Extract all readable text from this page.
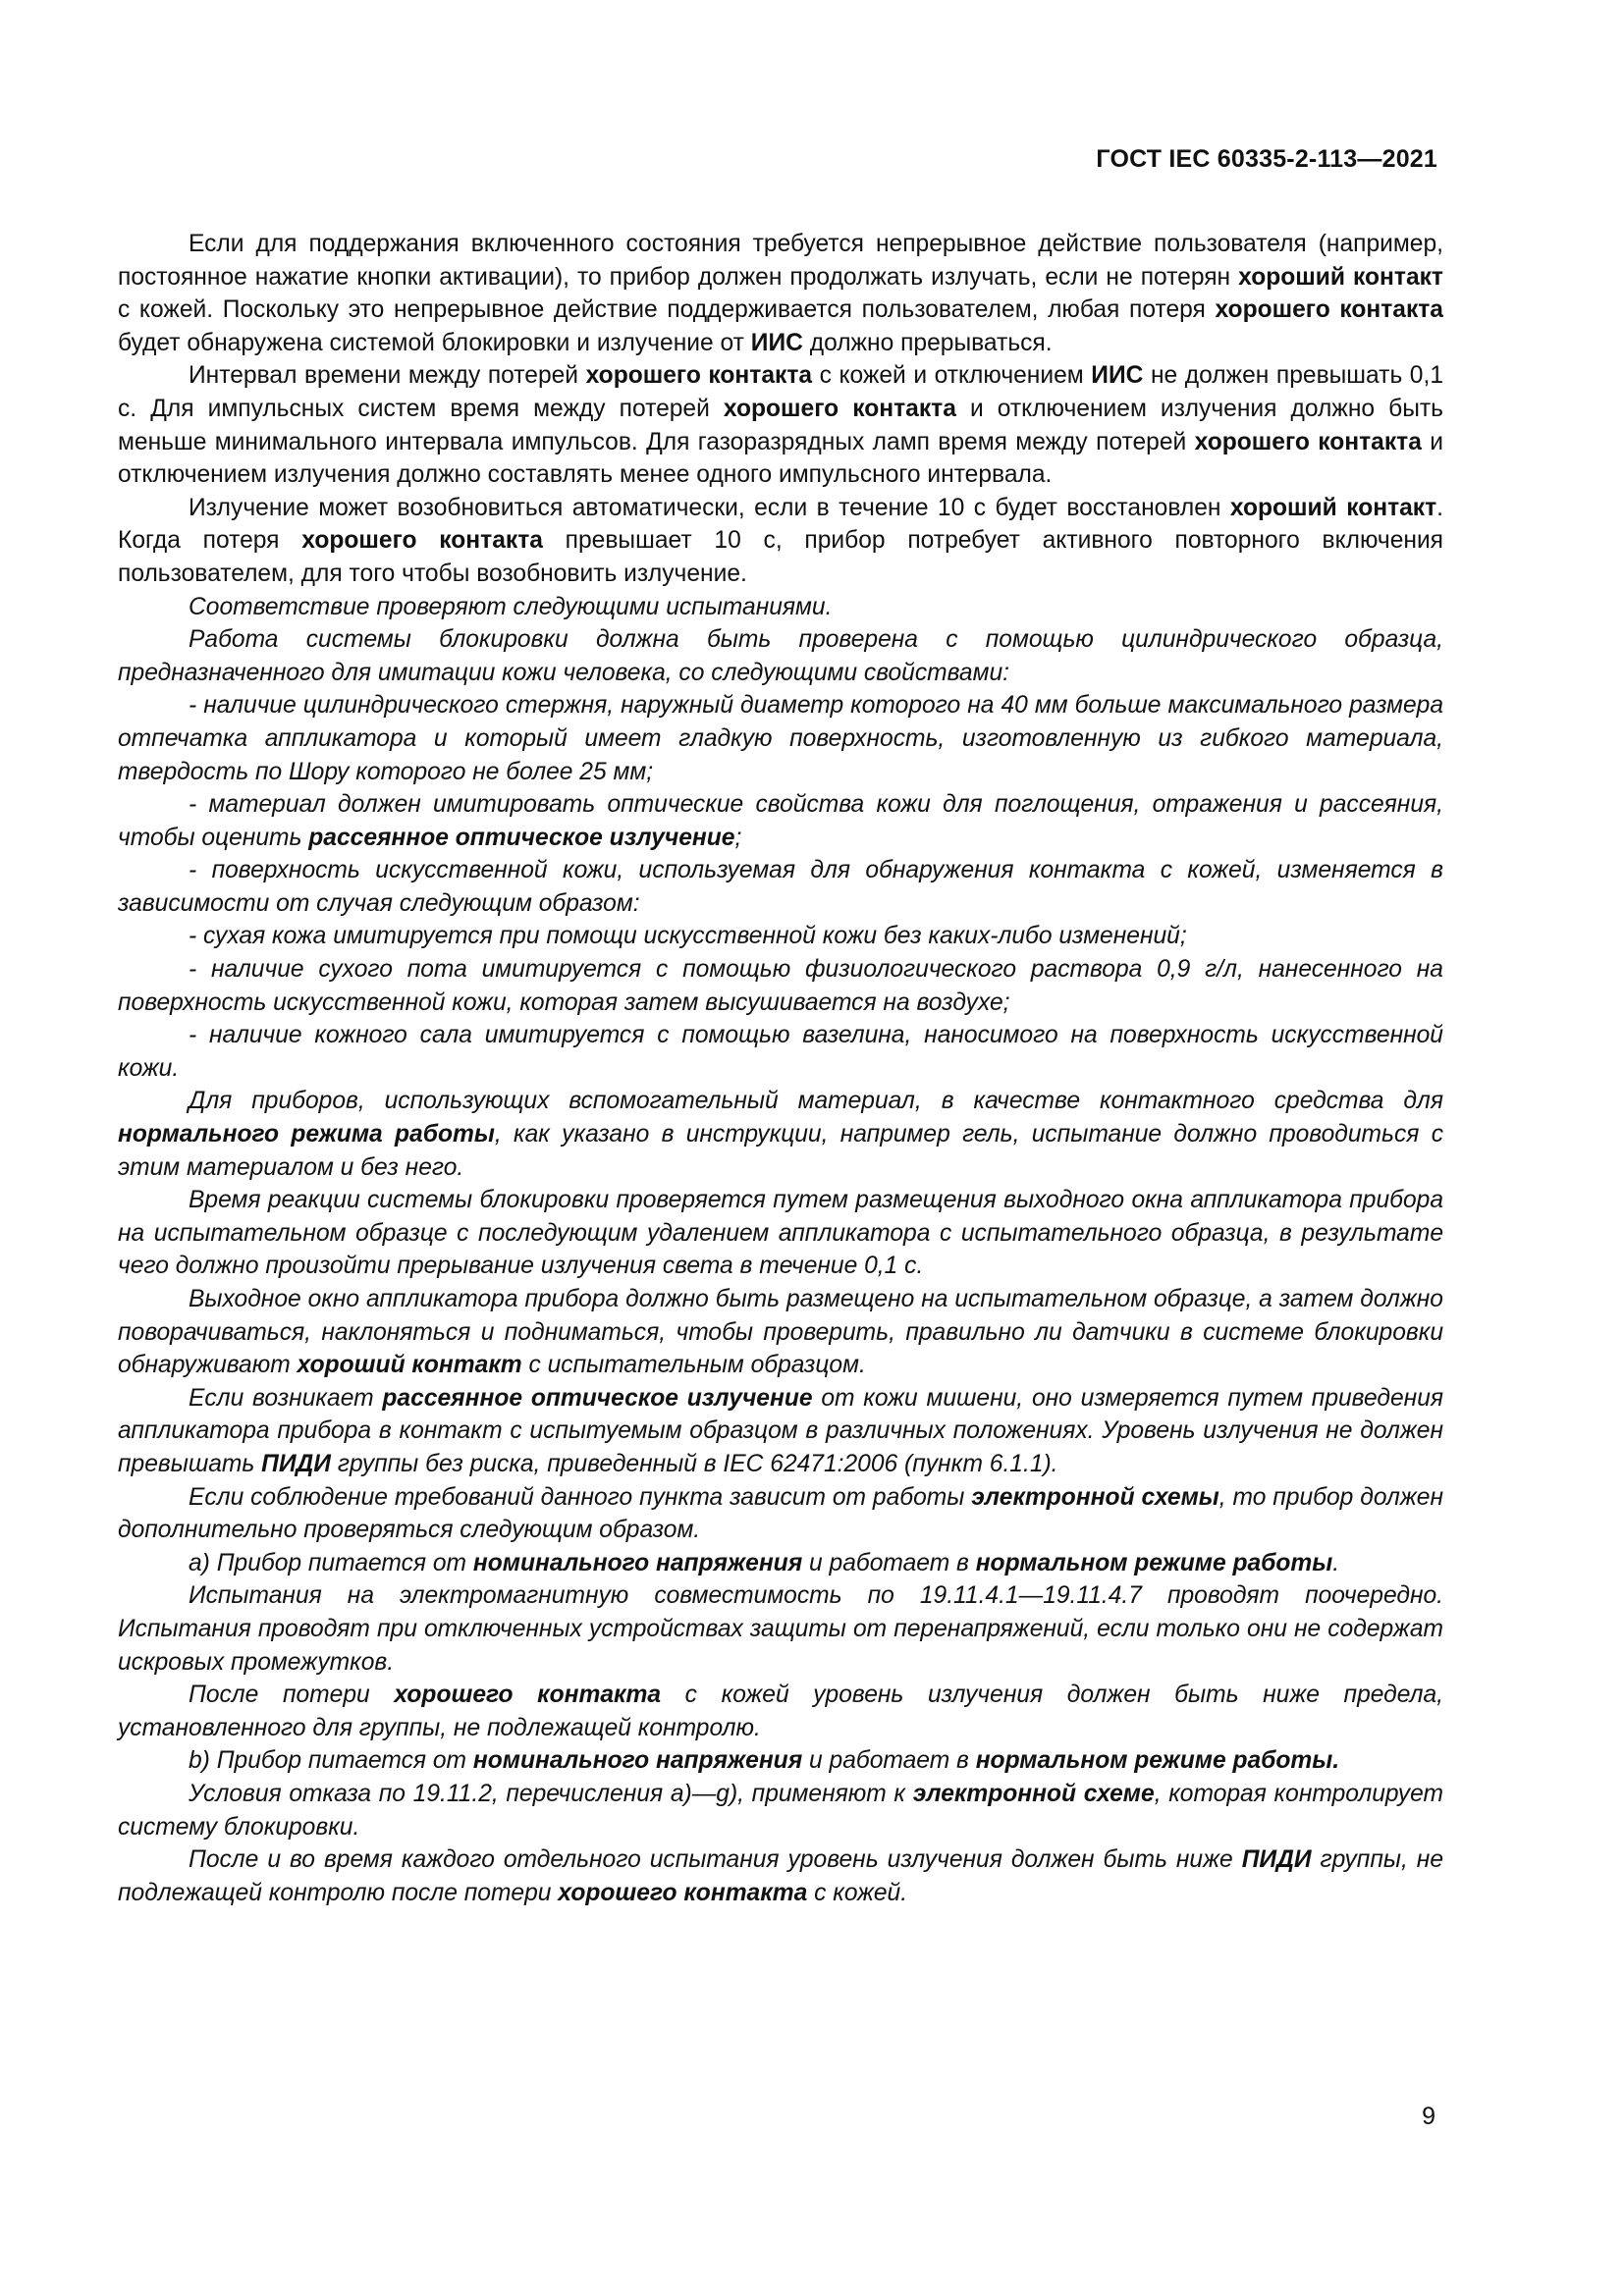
ГОСТ IEC 60335-2-113—2021

Если для поддержания включенного состояния требуется непрерывное действие пользователя (например, постоянное нажатие кнопки активации), то прибор должен продолжать излучать, если не потерян хороший контакт с кожей. Поскольку это непрерывное действие поддерживается пользователем, любая потеря хорошего контакта будет обнаружена системой блокировки и излучение от ИИС должно прерываться.

Интервал времени между потерей хорошего контакта с кожей и отключением ИИС не должен превышать 0,1 с. Для импульсных систем время между потерей хорошего контакта и отключением излучения должно быть меньше минимального интервала импульсов. Для газоразрядных ламп время между потерей хорошего контакта и отключением излучения должно составлять менее одного импульсного интервала.

Излучение может возобновиться автоматически, если в течение 10 с будет восстановлен хороший контакт. Когда потеря хорошего контакта превышает 10 с, прибор потребует активного повторного включения пользователем, для того чтобы возобновить излучение.

Соответствие проверяют следующими испытаниями.

Работа системы блокировки должна быть проверена с помощью цилиндрического образца, предназначенного для имитации кожи человека, со следующими свойствами:

- наличие цилиндрического стержня, наружный диаметр которого на 40 мм больше максимального размера отпечатка аппликатора и который имеет гладкую поверхность, изготовленную из гибкого материала, твердость по Шору которого не более 25 мм;

- материал должен имитировать оптические свойства кожи для поглощения, отражения и рассеяния, чтобы оценить рассеянное оптическое излучение;

- поверхность искусственной кожи, используемая для обнаружения контакта с кожей, изменяется в зависимости от случая следующим образом:

- сухая кожа имитируется при помощи искусственной кожи без каких-либо изменений;

- наличие сухого пота имитируется с помощью физиологического раствора 0,9 г/л, нанесенного на поверхность искусственной кожи, которая затем высушивается на воздухе;

- наличие кожного сала имитируется с помощью вазелина, наносимого на поверхность искусственной кожи.

Для приборов, использующих вспомогательный материал, в качестве контактного средства для нормального режима работы, как указано в инструкции, например гель, испытание должно проводиться с этим материалом и без него.

Время реакции системы блокировки проверяется путем размещения выходного окна аппликатора прибора на испытательном образце с последующим удалением аппликатора с испытательного образца, в результате чего должно произойти прерывание излучения света в течение 0,1 с.

Выходное окно аппликатора прибора должно быть размещено на испытательном образце, а затем должно поворачиваться, наклоняться и подниматься, чтобы проверить, правильно ли датчики в системе блокировки обнаруживают хороший контакт с испытательным образцом.

Если возникает рассеянное оптическое излучение от кожи мишени, оно измеряется путем приведения аппликатора прибора в контакт с испытуемым образцом в различных положениях. Уровень излучения не должен превышать ПИДИ группы без риска, приведенный в IEC 62471:2006 (пункт 6.1.1).

Если соблюдение требований данного пункта зависит от работы электронной схемы, то прибор должен дополнительно проверяться следующим образом.

a) Прибор питается от номинального напряжения и работает в нормальном режиме работы.

Испытания на электромагнитную совместимость по 19.11.4.1—19.11.4.7 проводят поочередно. Испытания проводят при отключенных устройствах защиты от перенапряжений, если только они не содержат искровых промежутков.

После потери хорошего контакта с кожей уровень излучения должен быть ниже предела, установленного для группы, не подлежащей контролю.

b) Прибор питается от номинального напряжения и работает в нормальном режиме работы.

Условия отказа по 19.11.2, перечисления a)—g), применяют к электронной схеме, которая контролирует систему блокировки.

После и во время каждого отдельного испытания уровень излучения должен быть ниже ПИДИ группы, не подлежащей контролю после потери хорошего контакта с кожей.

9
